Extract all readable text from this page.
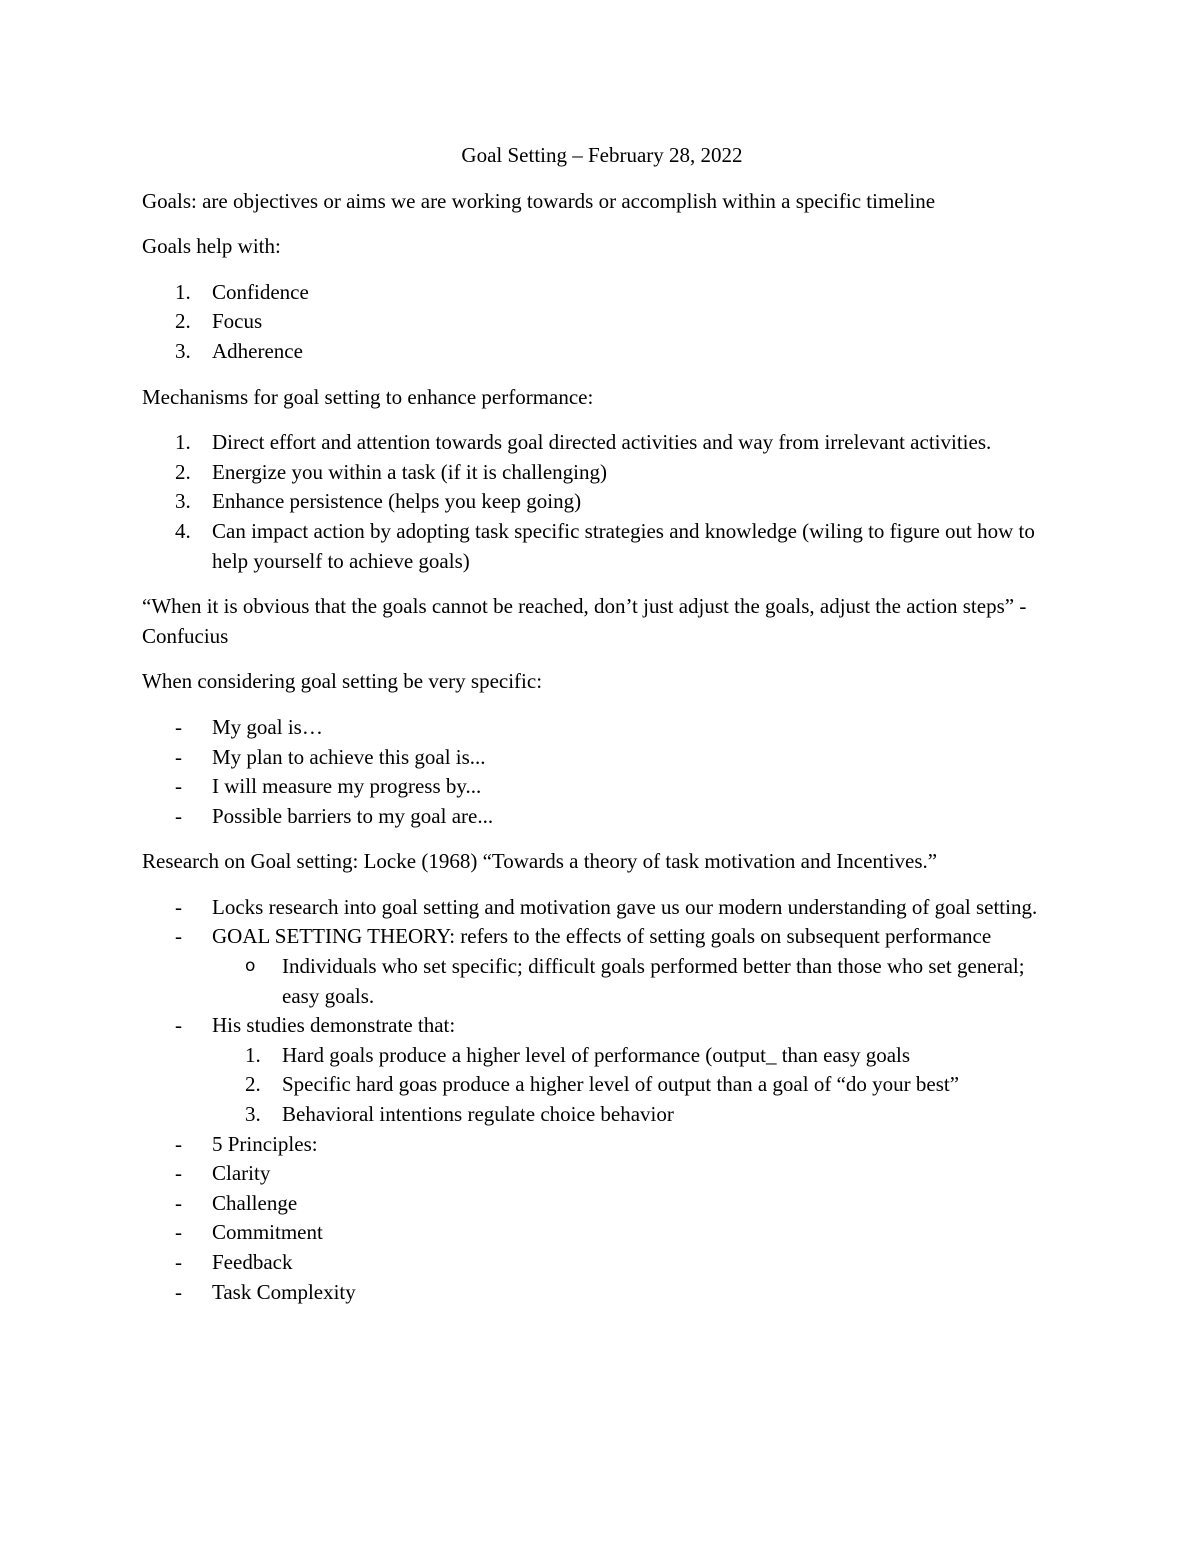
Goal Setting – February 28, 2022

Goals: are objectives or aims we are working towards or accomplish within a specific timeline

Goals help with:

1. Confidence
2. Focus
3. Adherence

Mechanisms for goal setting to enhance performance:

1. Direct effort and attention towards goal directed activities and way from irrelevant activities.
2. Energize you within a task (if it is challenging)
3. Enhance persistence (helps you keep going)
4. Can impact action by adopting task specific strategies and knowledge (wiling to figure out how to help yourself to achieve goals)

“When it is obvious that the goals cannot be reached, don’t just adjust the goals, adjust the action steps” - Confucius

When considering goal setting be very specific:

- My goal is…
- My plan to achieve this goal is...
- I will measure my progress by...
- Possible barriers to my goal are...

Research on Goal setting: Locke (1968) “Towards a theory of task motivation and Incentives.”

- Locks research into goal setting and motivation gave us our modern understanding of goal setting.
- GOAL SETTING THEORY: refers to the effects of setting goals on subsequent performance
o Individuals who set specific; difficult goals performed better than those who set general; easy goals.
- His studies demonstrate that:
1. Hard goals produce a higher level of performance (output_ than easy goals
2. Specific hard goas produce a higher level of output than a goal of “do your best”
3. Behavioral intentions regulate choice behavior
- 5 Principles:
- Clarity
- Challenge
- Commitment
- Feedback
- Task Complexity
